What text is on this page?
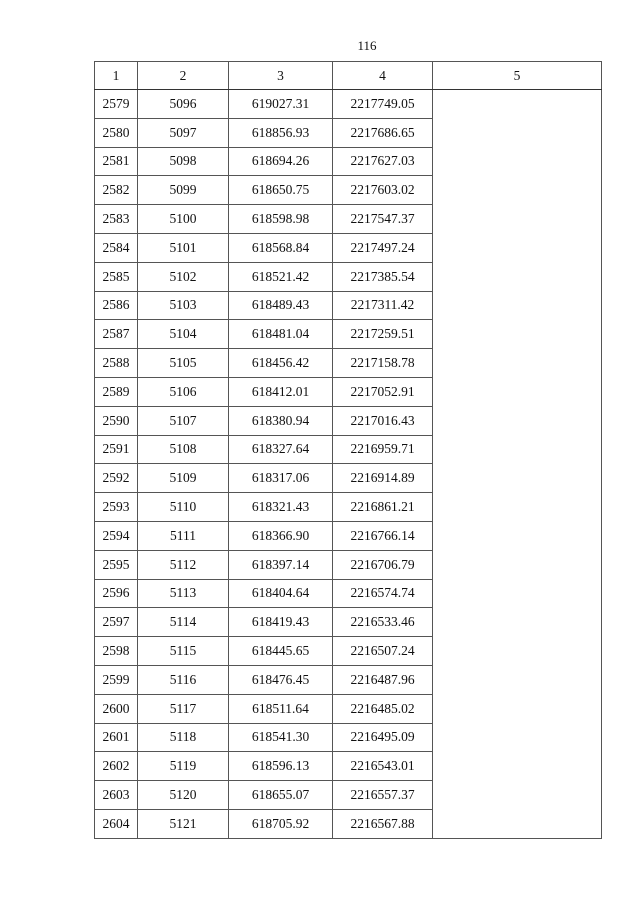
116
1	2	3	4	5
2579	5096	619027.31	2217749.05	
2580	5097	618856.93	2217686.65	
2581	5098	618694.26	2217627.03	
2582	5099	618650.75	2217603.02	
2583	5100	618598.98	2217547.37	
2584	5101	618568.84	2217497.24	
2585	5102	618521.42	2217385.54	
2586	5103	618489.43	2217311.42	
2587	5104	618481.04	2217259.51	
2588	5105	618456.42	2217158.78	
2589	5106	618412.01	2217052.91	
2590	5107	618380.94	2217016.43	
2591	5108	618327.64	2216959.71	
2592	5109	618317.06	2216914.89	
2593	5110	618321.43	2216861.21	
2594	5111	618366.90	2216766.14	
2595	5112	618397.14	2216706.79	
2596	5113	618404.64	2216574.74	
2597	5114	618419.43	2216533.46	
2598	5115	618445.65	2216507.24	
2599	5116	618476.45	2216487.96	
2600	5117	618511.64	2216485.02	
2601	5118	618541.30	2216495.09	
2602	5119	618596.13	2216543.01	
2603	5120	618655.07	2216557.37	
2604	5121	618705.92	2216567.88	
